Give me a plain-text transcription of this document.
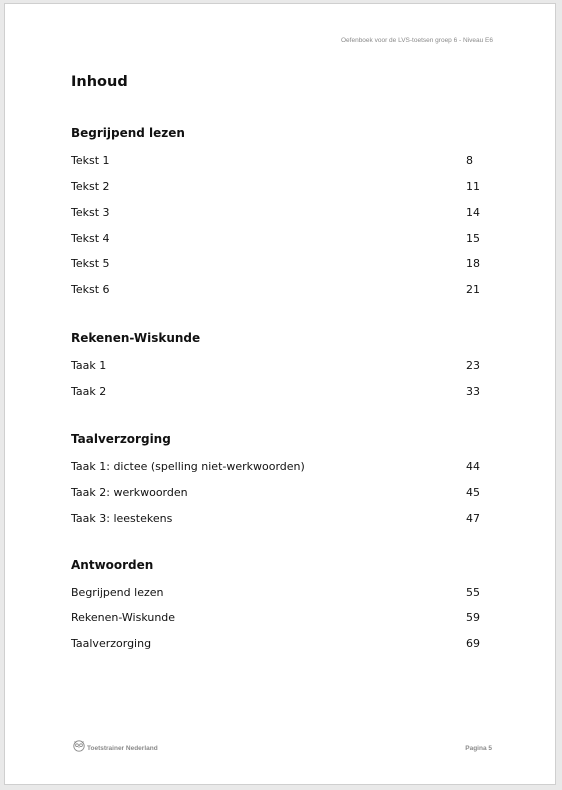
Oefenboek voor de LVS-toetsen groep 6 - Niveau E6
Inhoud
Begrijpend lezen
Tekst 1	8
Tekst 2	11
Tekst 3	14
Tekst 4	15
Tekst 5	18
Tekst 6	21
Rekenen-Wiskunde
Taak 1	23
Taak 2	33
Taalverzorging
Taak 1: dictee (spelling niet-werkwoorden)	44
Taak 2: werkwoorden	45
Taak 3: leestekens	47
Antwoorden
Begrijpend lezen	55
Rekenen-Wiskunde	59
Taalverzorging	69
Toetstrainer Nederland	Pagina 5
